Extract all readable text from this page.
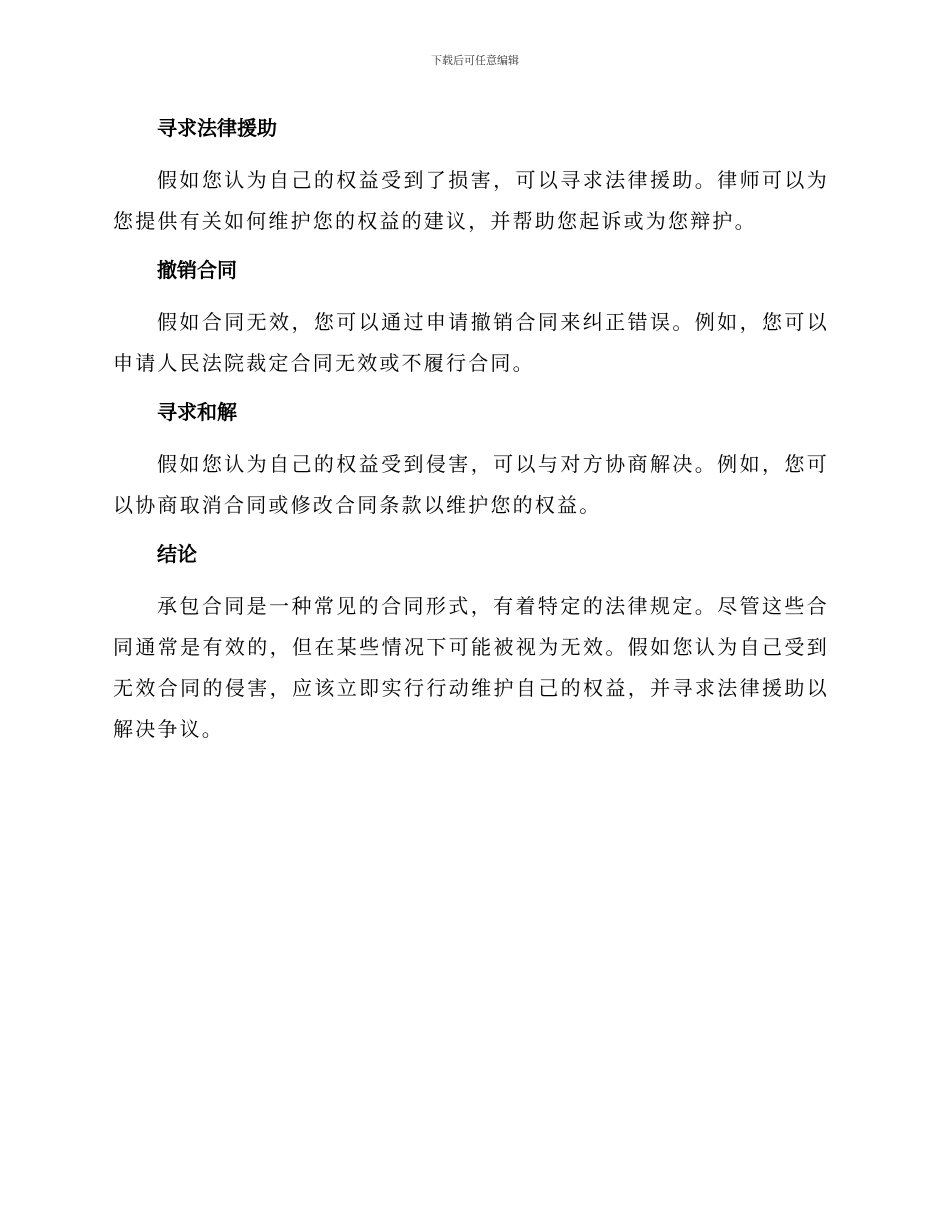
下载后可任意编辑
寻求法律援助

假如您认为自己的权益受到了损害，可以寻求法律援助。律师可以为您提供有关如何维护您的权益的建议，并帮助您起诉或为您辩护。

撤销合同

假如合同无效，您可以通过申请撤销合同来纠正错误。例如，您可以申请人民法院裁定合同无效或不履行合同。

寻求和解

假如您认为自己的权益受到侵害，可以与对方协商解决。例如，您可以协商取消合同或修改合同条款以维护您的权益。

结论

承包合同是一种常见的合同形式，有着特定的法律规定。尽管这些合同通常是有效的，但在某些情况下可能被视为无效。假如您认为自己受到无效合同的侵害，应该立即实行行动维护自己的权益，并寻求法律援助以解决争议。
